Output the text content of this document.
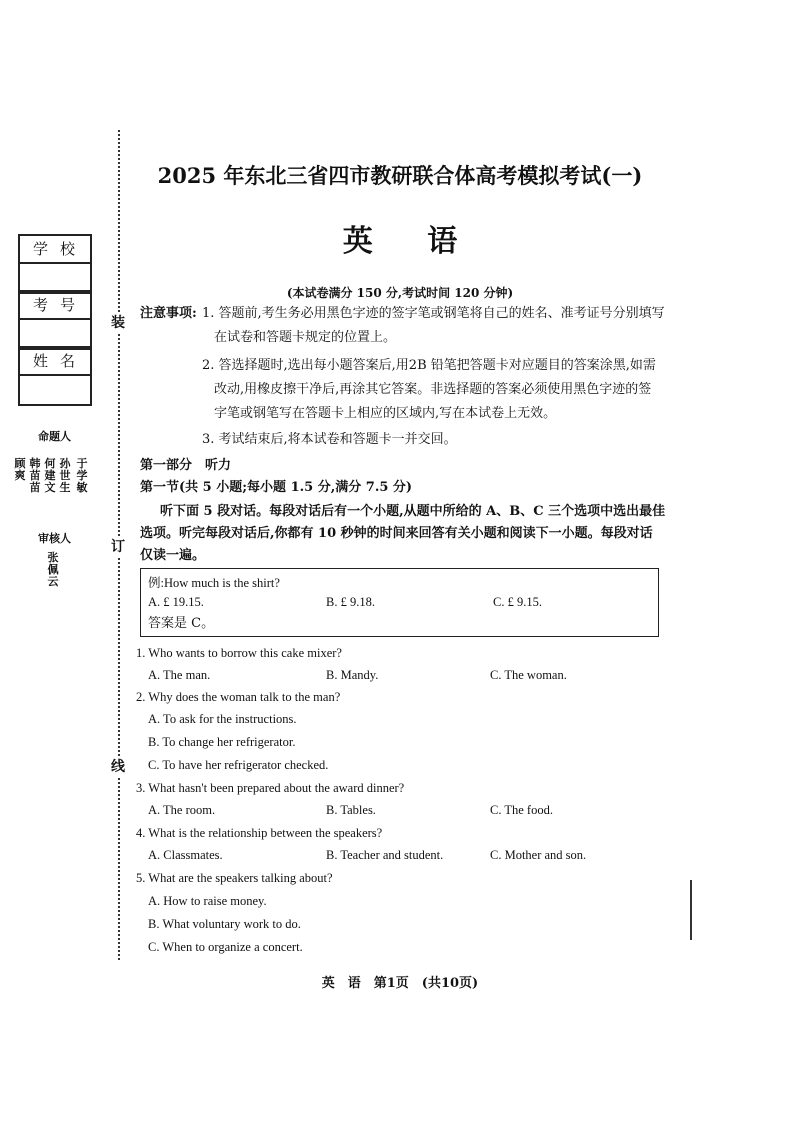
装
订
线
学校
考号
姓名
命题人
顾爽
韩苗苗
何建文
孙世生
于学敏
审核人
张佩云
2025 年东北三省四市教研联合体高考模拟考试(一)
英 语
(本试卷满分 150 分,考试时间 120 分钟)
注意事项: 1. 答题前,考生务必用黑色字迹的签字笔或钢笔将自己的姓名、准考证号分别填写
在试卷和答题卡规定的位置上。
2. 答选择题时,选出每小题答案后,用2B 铅笔把答题卡对应题目的答案涂黑,如需
改动,用橡皮擦干净后,再涂其它答案。非选择题的答案必须使用黑色字迹的签
字笔或钢笔写在答题卡上相应的区域内,写在本试卷上无效。
3. 考试结束后,将本试卷和答题卡一并交回。
第一部分　听力
第一节(共 5 小题;每小题 1.5 分,满分 7.5 分)
听下面 5 段对话。每段对话后有一个小题,从题中所给的 A、B、C 三个选项中选出最佳
选项。听完每段对话后,你都有 10 秒钟的时间来回答有关小题和阅读下一小题。每段对话
仅读一遍。
例:How much is the shirt?
A. £ 19.15.	B. £ 9.18.	C. £ 9.15.
答案是 C。
1. Who wants to borrow this cake mixer?
A. The man.	B. Mandy.	C. The woman.
2. Why does the woman talk to the man?
A. To ask for the instructions.
B. To change her refrigerator.
C. To have her refrigerator checked.
3. What hasn't been prepared about the award dinner?
A. The room.	B. Tables.	C. The food.
4. What is the relationship between the speakers?
A. Classmates.	B. Teacher and student.	C. Mother and son.
5. What are the speakers talking about?
A. How to raise money.
B. What voluntary work to do.
C. When to organize a concert.
英　语　第1页　(共10页)
